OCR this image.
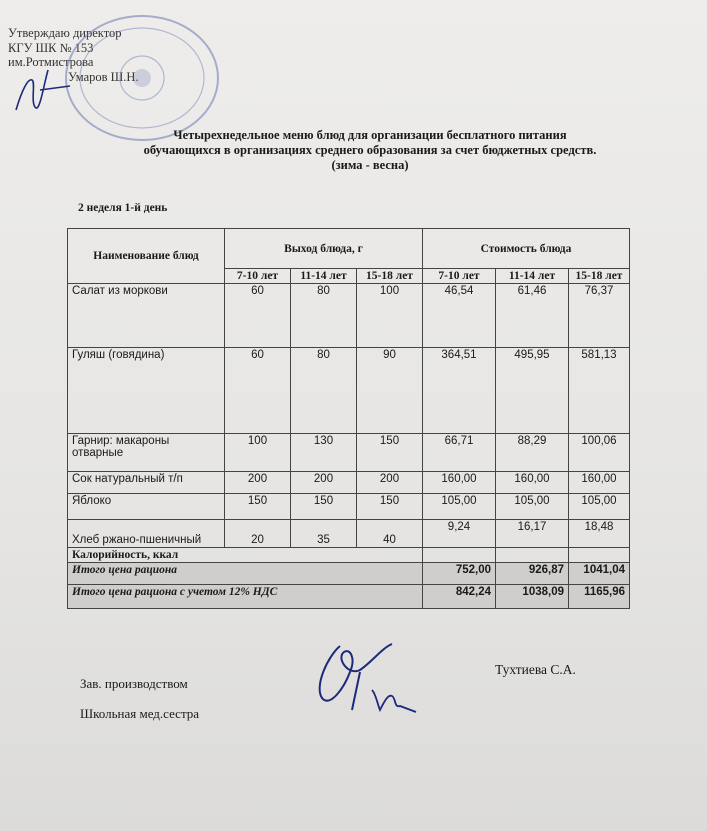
Утверждаю директор
КГУ ШК № 153
им.Ротмистрова
Умаров Ш.Н.
Четырехнедельное меню блюд для организации бесплатного питания
обучающихся в организациях среднего образования за счет бюджетных средств.
(зима - весна)
2 неделя 1-й день
Наименование блюд	Выход блюда, г			Стоимость блюда		
	7-10 лет	11-14 лет	15-18 лет	7-10 лет	11-14 лет	15-18 лет
Салат из моркови	60	80	100	46,54	61,46	76,37
Гуляш (говядина)	60	80	90	364,51	495,95	581,13
Гарнир: макароны отварные	100	130	150	66,71	88,29	100,06
Сок натуральный т/п	200	200	200	160,00	160,00	160,00
Яблоко	150	150	150	105,00	105,00	105,00
Хлеб ржано-пшеничный	20	35	40	9,24	16,17	18,48
Калорийность, ккал						
Итого цена рациона				752,00	926,87	1041,04
Итого цена рациона с учетом 12% НДС				842,24	1038,09	1165,96
Зав. производством
Школьная мед.сестра
Тухтиева С.А.
